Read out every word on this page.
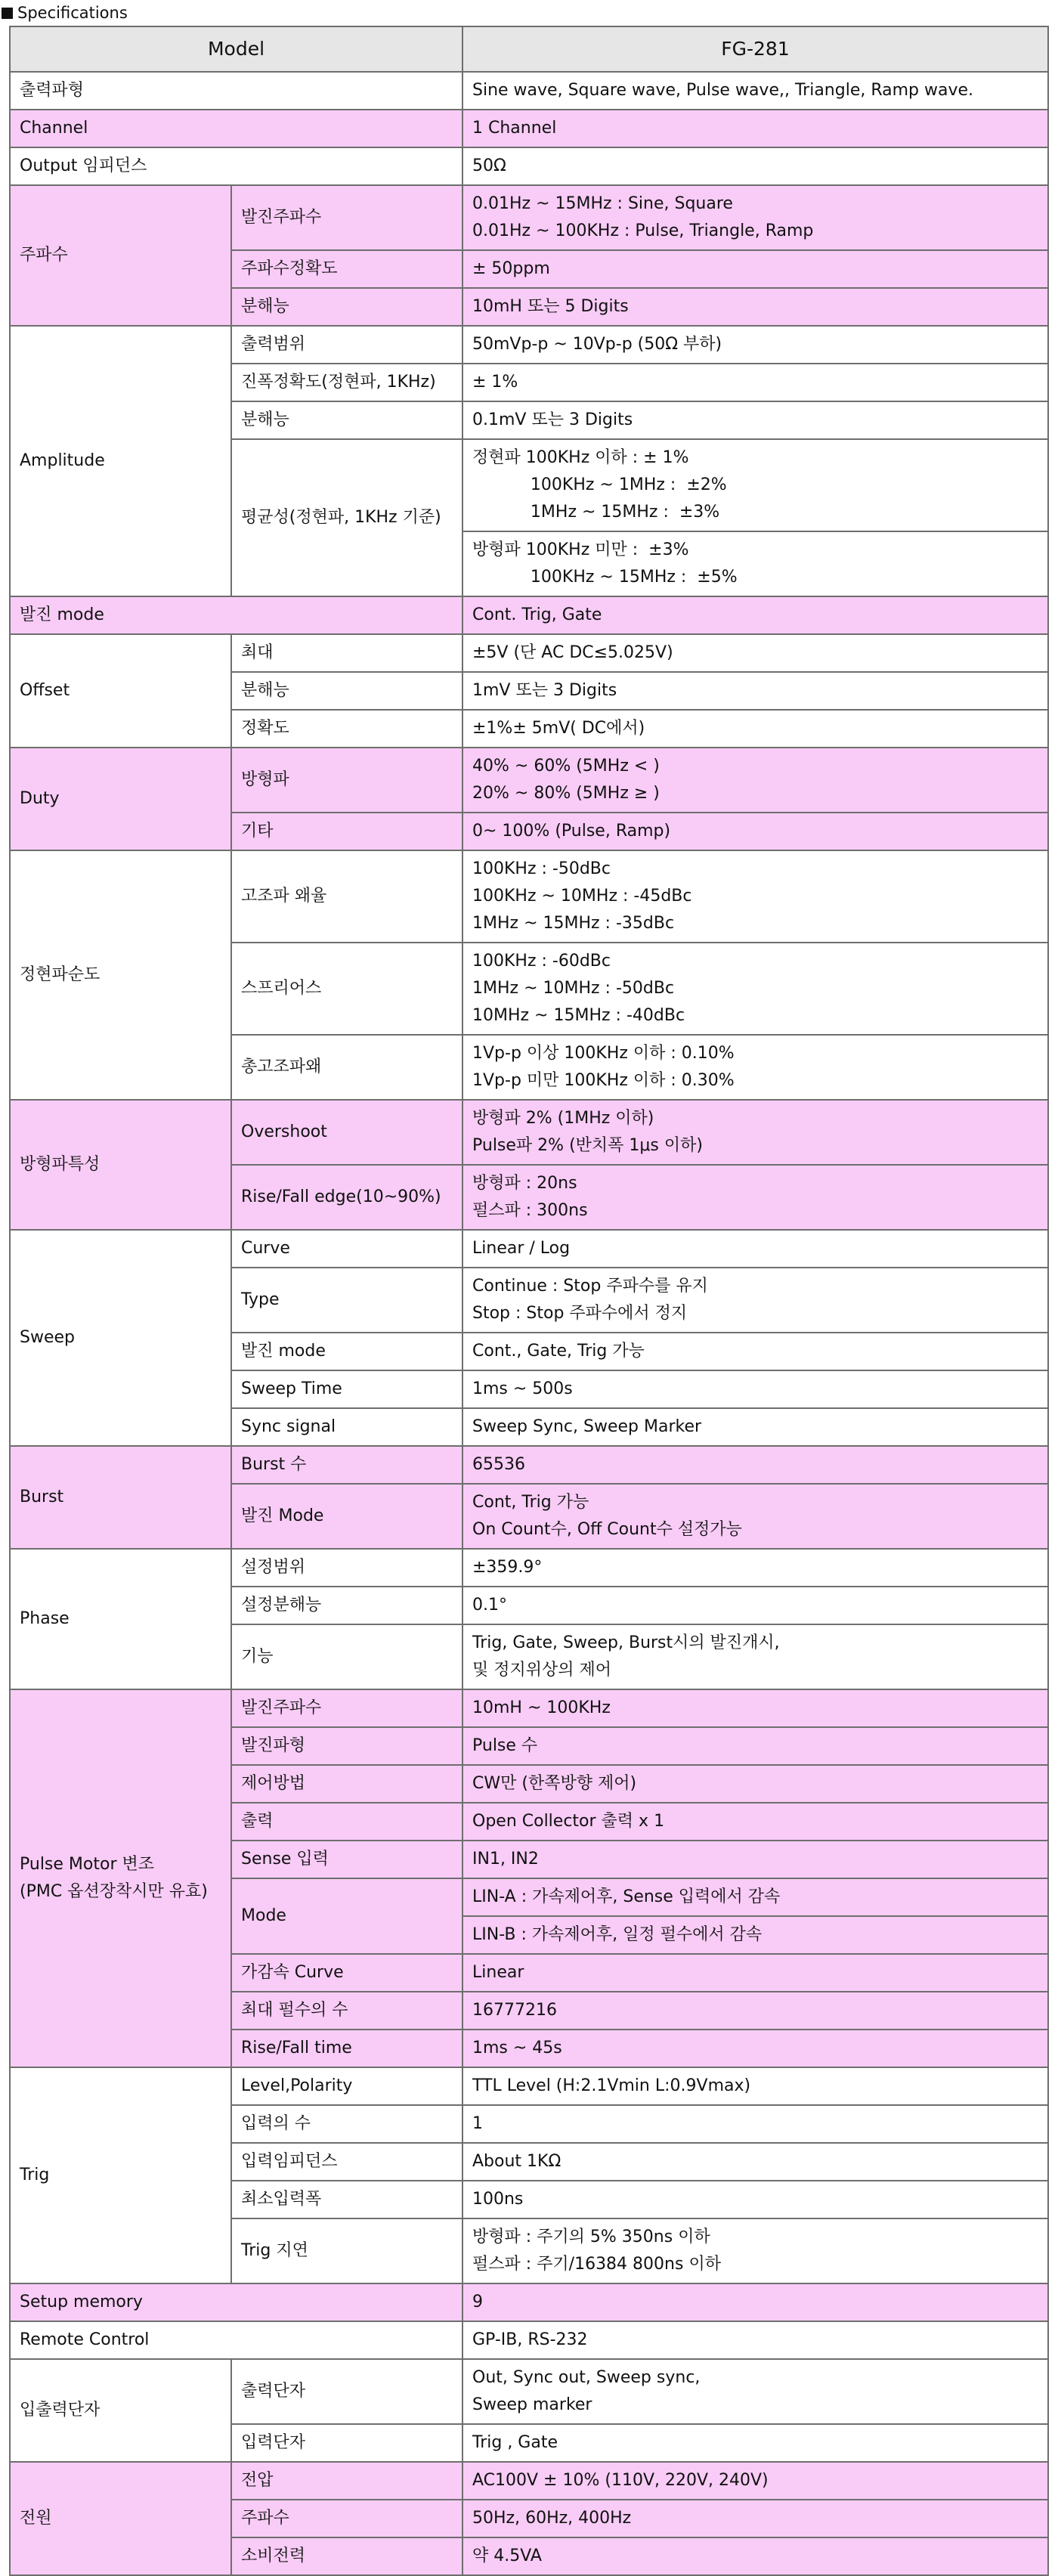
Specifications
Model		FG-281
출력파형		Sine wave, Square wave, Pulse wave,, Triangle, Ramp wave.
Channel		1 Channel
Output 임피던스		50Ω
주파수	발진주파수	0.01Hz ~ 15MHz : Sine, Square
0.01Hz ~ 100KHz : Pulse, Triangle, Ramp

	주파수정확도	± 50ppm
	분해능	10mH 또는 5 Digits
Amplitude	출력범위	50mVp-p ~ 10Vp-p (50Ω 부하)
	진폭정확도(정현파, 1KHz)	± 1%
	분해능	0.1mV 또는 3 Digits
	평균성(정현파, 1KHz 기준)	정현파 100KHz 이하 : ± 1%
100KHz ~ 1MHz :  ±2%
1MHz ~ 15MHz :  ±3%

		방형파 100KHz 미만 :  ±3%
100KHz ~ 15MHz :  ±5%

발진 mode		Cont. Trig, Gate
Offset	최대	±5V (단 AC DC≤5.025V)
	분해능	1mV 또는 3 Digits
	정확도	±1%± 5mV( DC에서)
Duty	방형파	40% ~ 60% (5MHz < )
20% ~ 80% (5MHz ≥ )

	기타	0~ 100% (Pulse, Ramp)
정현파순도	고조파 왜율	100KHz : -50dBc
100KHz ~ 10MHz : -45dBc
1MHz ~ 15MHz : -35dBc

	스프리어스	100KHz : -60dBc
1MHz ~ 10MHz : -50dBc
10MHz ~ 15MHz : -40dBc

	총고조파왜	1Vp-p 이상 100KHz 이하 : 0.10%
1Vp-p 미만 100KHz 이하 : 0.30%

방형파특성	Overshoot	방형파 2% (1MHz 이하)
Pulse파 2% (반치폭 1μs 이하)

	Rise/Fall edge(10~90%)	방형파 : 20ns
펄스파 : 300ns

Sweep	Curve	Linear / Log
	Type	Continue : Stop 주파수를 유지
Stop : Stop 주파수에서 정지

	발진 mode	Cont., Gate, Trig 가능
	Sweep Time	1ms ~ 500s
	Sync signal	Sweep Sync, Sweep Marker
Burst	Burst 수	65536
	발진 Mode	Cont, Trig 가능
On Count수, Off Count수 설정가능

Phase	설정범위	±359.9°
	설정분해능	0.1°
	기능	Trig, Gate, Sweep, Burst시의 발진개시,
및 정지위상의 제어

Pulse Motor 변조
(PMC 옵션장착시만 유효)	발진주파수	10mH ~ 100KHz
	발진파형	Pulse 수
	제어방법	CW만 (한쪽방향 제어)
	출력	Open Collector 출력 x 1
	Sense 입력	IN1, IN2
	Mode	LIN-A : 가속제어후, Sense 입력에서 감속
		LIN-B : 가속제어후, 일정 펄수에서 감속
	가감속 Curve	Linear
	최대 펄수의 수	16777216
	Rise/Fall time	1ms ~ 45s
Trig	Level,Polarity	TTL Level (H:2.1Vmin L:0.9Vmax)
	입력의 수	1
	입력임피던스	About 1KΩ
	최소입력폭	100ns
	Trig 지연	방형파 : 주기의 5% 350ns 이하
펄스파 : 주기/16384 800ns 이하

Setup memory		9
Remote Control		GP-IB, RS-232
입출력단자	출력단자	Out, Sync out, Sweep sync,
Sweep marker

	입력단자	Trig , Gate
전원	전압	AC100V ± 10% (110V, 220V, 240V)
	주파수	50Hz, 60Hz, 400Hz
	소비전력	약 4.5VA
